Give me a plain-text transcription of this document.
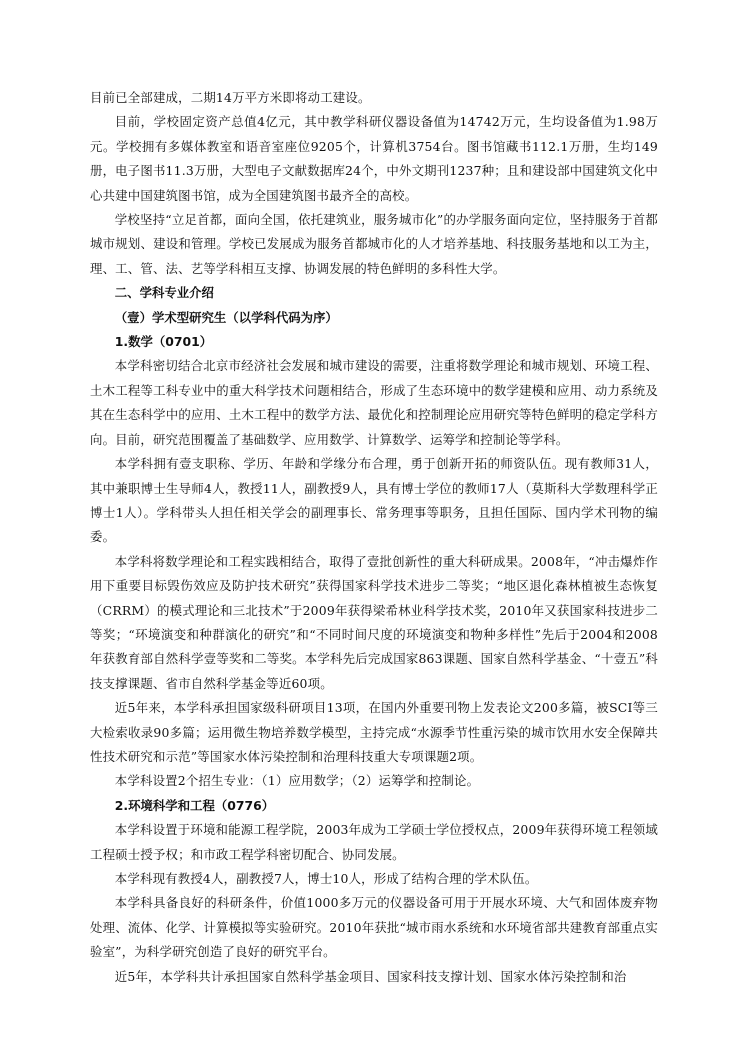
目前已全部建成，二期14万平方米即将动工建设。

目前，学校固定资产总值4亿元，其中教学科研仪器设备值为14742万元，生均设备值为1.98万元。学校拥有多媒体教室和语音室座位9205个，计算机3754台。图书馆藏书112.1万册，生均149册，电子图书11.3万册，大型电子文献数据库24个，中外文期刊1237种；且和建设部中国建筑文化中心共建中国建筑图书馆，成为全国建筑图书最齐全的高校。

学校坚持“立足首都，面向全国，依托建筑业，服务城市化”的办学服务面向定位，坚持服务于首都城市规划、建设和管理。学校已发展成为服务首都城市化的人才培养基地、科技服务基地和以工为主，理、工、管、法、艺等学科相互支撑、协调发展的特色鲜明的多科性大学。

二、学科专业介绍

（壹）学术型研究生（以学科代码为序）

1.数学（0701）

本学科密切结合北京市经济社会发展和城市建设的需要，注重将数学理论和城市规划、环境工程、土木工程等工科专业中的重大科学技术问题相结合，形成了生态环境中的数学建模和应用、动力系统及其在生态科学中的应用、土木工程中的数学方法、最优化和控制理论应用研究等特色鲜明的稳定学科方向。目前，研究范围覆盖了基础数学、应用数学、计算数学、运筹学和控制论等学科。

本学科拥有壹支职称、学历、年龄和学缘分布合理，勇于创新开拓的师资队伍。现有教师31人，其中兼职博士生导师4人，教授11人，副教授9人，具有博士学位的教师17人（莫斯科大学数理科学正博士1人）。学科带头人担任相关学会的副理事长、常务理事等职务，且担任国际、国内学术刊物的编委。

本学科将数学理论和工程实践相结合，取得了壹批创新性的重大科研成果。2008年，“冲击爆炸作用下重要目标毁伤效应及防护技术研究”获得国家科学技术进步二等奖；“地区退化森林植被生态恢复（CRRM）的模式理论和三北技术”于2009年获得梁希林业科学技术奖，2010年又获国家科技进步二等奖；“环境演变和种群演化的研究”和“不同时间尺度的环境演变和物种多样性”先后于2004和2008年获教育部自然科学壹等奖和二等奖。本学科先后完成国家863课题、国家自然科学基金、“十壹五”科技支撑课题、省市自然科学基金等近60项。

近5年来，本学科承担国家级科研项目13项，在国内外重要刊物上发表论文200多篇，被SCI等三大检索收录90多篇；运用微生物培养数学模型，主持完成“水源季节性重污染的城市饮用水安全保障共性技术研究和示范”等国家水体污染控制和治理科技重大专项课题2项。

本学科设置2个招生专业：（1）应用数学；（2）运筹学和控制论。

2.环境科学和工程（0776）

本学科设置于环境和能源工程学院，2003年成为工学硕士学位授权点，2009年获得环境工程领域工程硕士授予权；和市政工程学科密切配合、协同发展。

本学科现有教授4人，副教授7人，博士10人，形成了结构合理的学术队伍。

本学科具备良好的科研条件，价值1000多万元的仪器设备可用于开展水环境、大气和固体废弃物处理、流体、化学、计算模拟等实验研究。2010年获批“城市雨水系统和水环境省部共建教育部重点实验室”，为科学研究创造了良好的研究平台。

近5年，本学科共计承担国家自然科学基金项目、国家科技支撑计划、国家水体污染控制和治
